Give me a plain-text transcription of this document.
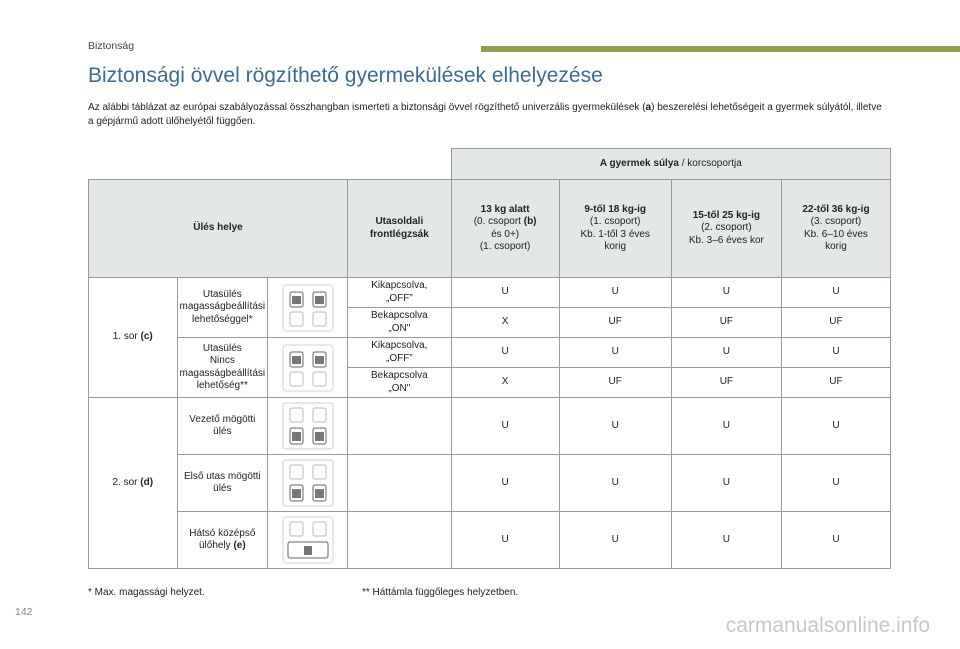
Biztonság
Biztonsági övvel rögzíthető gyermekülések elhelyezése

Az alábbi táblázat az európai szabályozással összhangban ismerteti a biztonsági övvel rögzíthető univerzális gyermekülések (a) beszerelési lehetőségeit a gyermek súlyától, illetve a gépjármű adott ülőhelyétől függően.

				A gyermek súlya / korcsoportja			
Ülés helye			Utasoldali
frontlégzsák	13 kg alatt
(0. csoport (b)
és 0+)
(1. csoport)	9-től 18 kg-ig
(1. csoport)
Kb. 1-től 3 éves
korig	15-től 25 kg-ig
(2. csoport)
Kb. 3–6 éves kor	22-től 36 kg-ig
(3. csoport)
Kb. 6–10 éves
korig
1. sor (c)	Utasülés
magasságbeállítási
lehetőséggel*		Kikapcsolva,
„OFF”	U	U	U	U
			Bekapcsolva
„ON"	X	UF	UF	UF
	Utasülés
Nincs
magasságbeállítási
lehetőség**		Kikapcsolva,
„OFF”	U	U	U	U
			Bekapcsolva
„ON"	X	UF	UF	UF
2. sor (d)	Vezető mögötti
ülés			U	U	U	U
	Első utas mögötti
ülés			U	U	U	U
	Hátsó középső
ülőhely (e)			U	U	U	U
* Max. magassági helyzet.	** Háttámla függőleges helyzetben.
142
carmanualsonline.info
